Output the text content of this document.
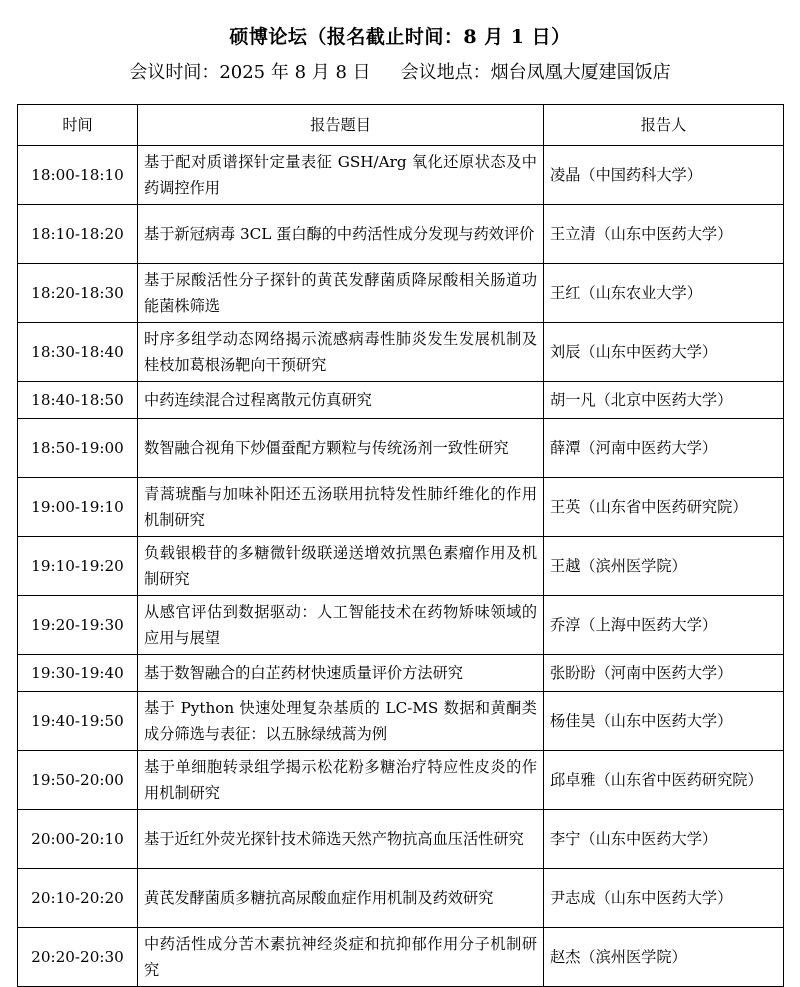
硕博论坛（报名截止时间：8 月 1 日）
会议时间：2025 年 8 月 8 日 会议地点：烟台凤凰大厦建国饭店
时间	报告题目	报告人
18:00-18:10	基于配对质谱探针定量表征 GSH/Arg 氧化还原状态及中药调控作用	凌晶（中国药科大学）
18:10-18:20	基于新冠病毒 3CL 蛋白酶的中药活性成分发现与药效评价	王立清（山东中医药大学）
18:20-18:30	基于尿酸活性分子探针的黄芪发酵菌质降尿酸相关肠道功能菌株筛选	王红（山东农业大学）
18:30-18:40	时序多组学动态网络揭示流感病毒性肺炎发生发展机制及桂枝加葛根汤靶向干预研究	刘辰（山东中医药大学）
18:40-18:50	中药连续混合过程离散元仿真研究	胡一凡（北京中医药大学）
18:50-19:00	数智融合视角下炒僵蚕配方颗粒与传统汤剂一致性研究	薛潭（河南中医药大学）
19:00-19:10	青蒿琥酯与加味补阳还五汤联用抗特发性肺纤维化的作用机制研究	王英（山东省中医药研究院）
19:10-19:20	负载银椴苷的多糖微针级联递送增效抗黑色素瘤作用及机制研究	王越（滨州医学院）
19:20-19:30	从感官评估到数据驱动：人工智能技术在药物矫味领域的应用与展望	乔淳（上海中医药大学）
19:30-19:40	基于数智融合的白芷药材快速质量评价方法研究	张盼盼（河南中医药大学）
19:40-19:50	基于 Python 快速处理复杂基质的 LC-MS 数据和黄酮类成分筛选与表征：以五脉绿绒蒿为例	杨佳昊（山东中医药大学）
19:50-20:00	基于单细胞转录组学揭示松花粉多糖治疗特应性皮炎的作用机制研究	邱卓雅（山东省中医药研究院）
20:00-20:10	基于近红外荧光探针技术筛选天然产物抗高血压活性研究	李宁（山东中医药大学）
20:10-20:20	黄芪发酵菌质多糖抗高尿酸血症作用机制及药效研究	尹志成（山东中医药大学）
20:20-20:30	中药活性成分苦木素抗神经炎症和抗抑郁作用分子机制研究	赵杰（滨州医学院）
